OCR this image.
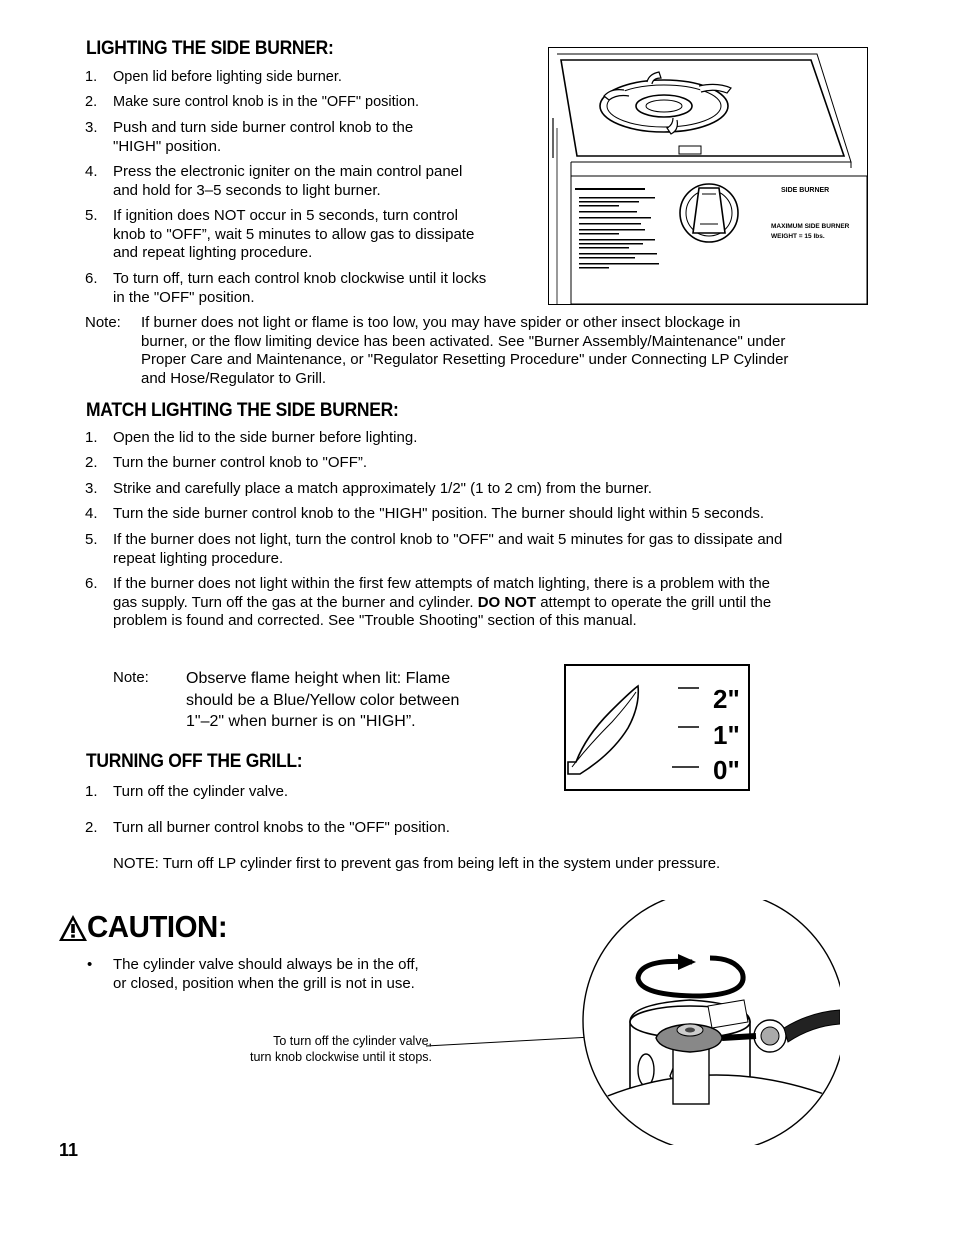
LIGHTING THE SIDE BURNER:
1. Open lid before lighting side burner.
2. Make sure control knob is in the "OFF" position.
3. Push and turn side burner control knob to the
"HIGH" position.
4. Press the electronic igniter on the main control panel
and hold for 3–5 seconds to light burner.
5. If ignition does NOT occur in 5 seconds, turn control
knob to "OFF”, wait 5 minutes to allow gas to dissipate
and repeat lighting procedure.
6. To turn off, turn each control knob clockwise until it locks
in the "OFF" position.
Note: If burner does not light or flame is too low, you may have spider or other insect blockage in
burner, or the flow limiting device has been activated. See "Burner Assembly/Maintenance" under
Proper Care and Maintenance, or "Regulator Resetting Procedure" under Connecting LP Cylinder
and Hose/Regulator to Grill.
SIDE BURNER
MAXIMUM SIDE BURNER
WEIGHT = 15 lbs.
MATCH LIGHTING THE SIDE BURNER:
1. Open the lid to the side burner before lighting.
2. Turn the burner control knob to "OFF”.
3. Strike and carefully place a match approximately 1/2" (1 to 2 cm) from the burner.
4. Turn the side burner control knob to the "HIGH" position. The burner should light within 5 seconds.
5. If the burner does not light, turn the control knob to "OFF" and wait 5 minutes for gas to dissipate and
repeat lighting procedure.
6. If the burner does not light within the first few attempts of match lighting, there is a problem with the
gas supply. Turn off the gas at the burner and cylinder. DO NOT attempt to operate the grill until the
problem is found and corrected. See "Trouble Shooting" section of this manual.
Note: Observe flame height when lit: Flame
should be a Blue/Yellow color between
1"–2" when burner is on "HIGH”.
2"
1"
0"
TURNING OFF THE GRILL:
1. Turn off the cylinder valve.
2. Turn all burner control knobs to the "OFF" position.
NOTE: Turn off LP cylinder first to prevent gas from being left in the system under pressure.
CAUTION:
• The cylinder valve should always be in the off,
or closed, position when the grill is not in use.
To turn off the cylinder valve,
turn knob clockwise until it stops.
11
